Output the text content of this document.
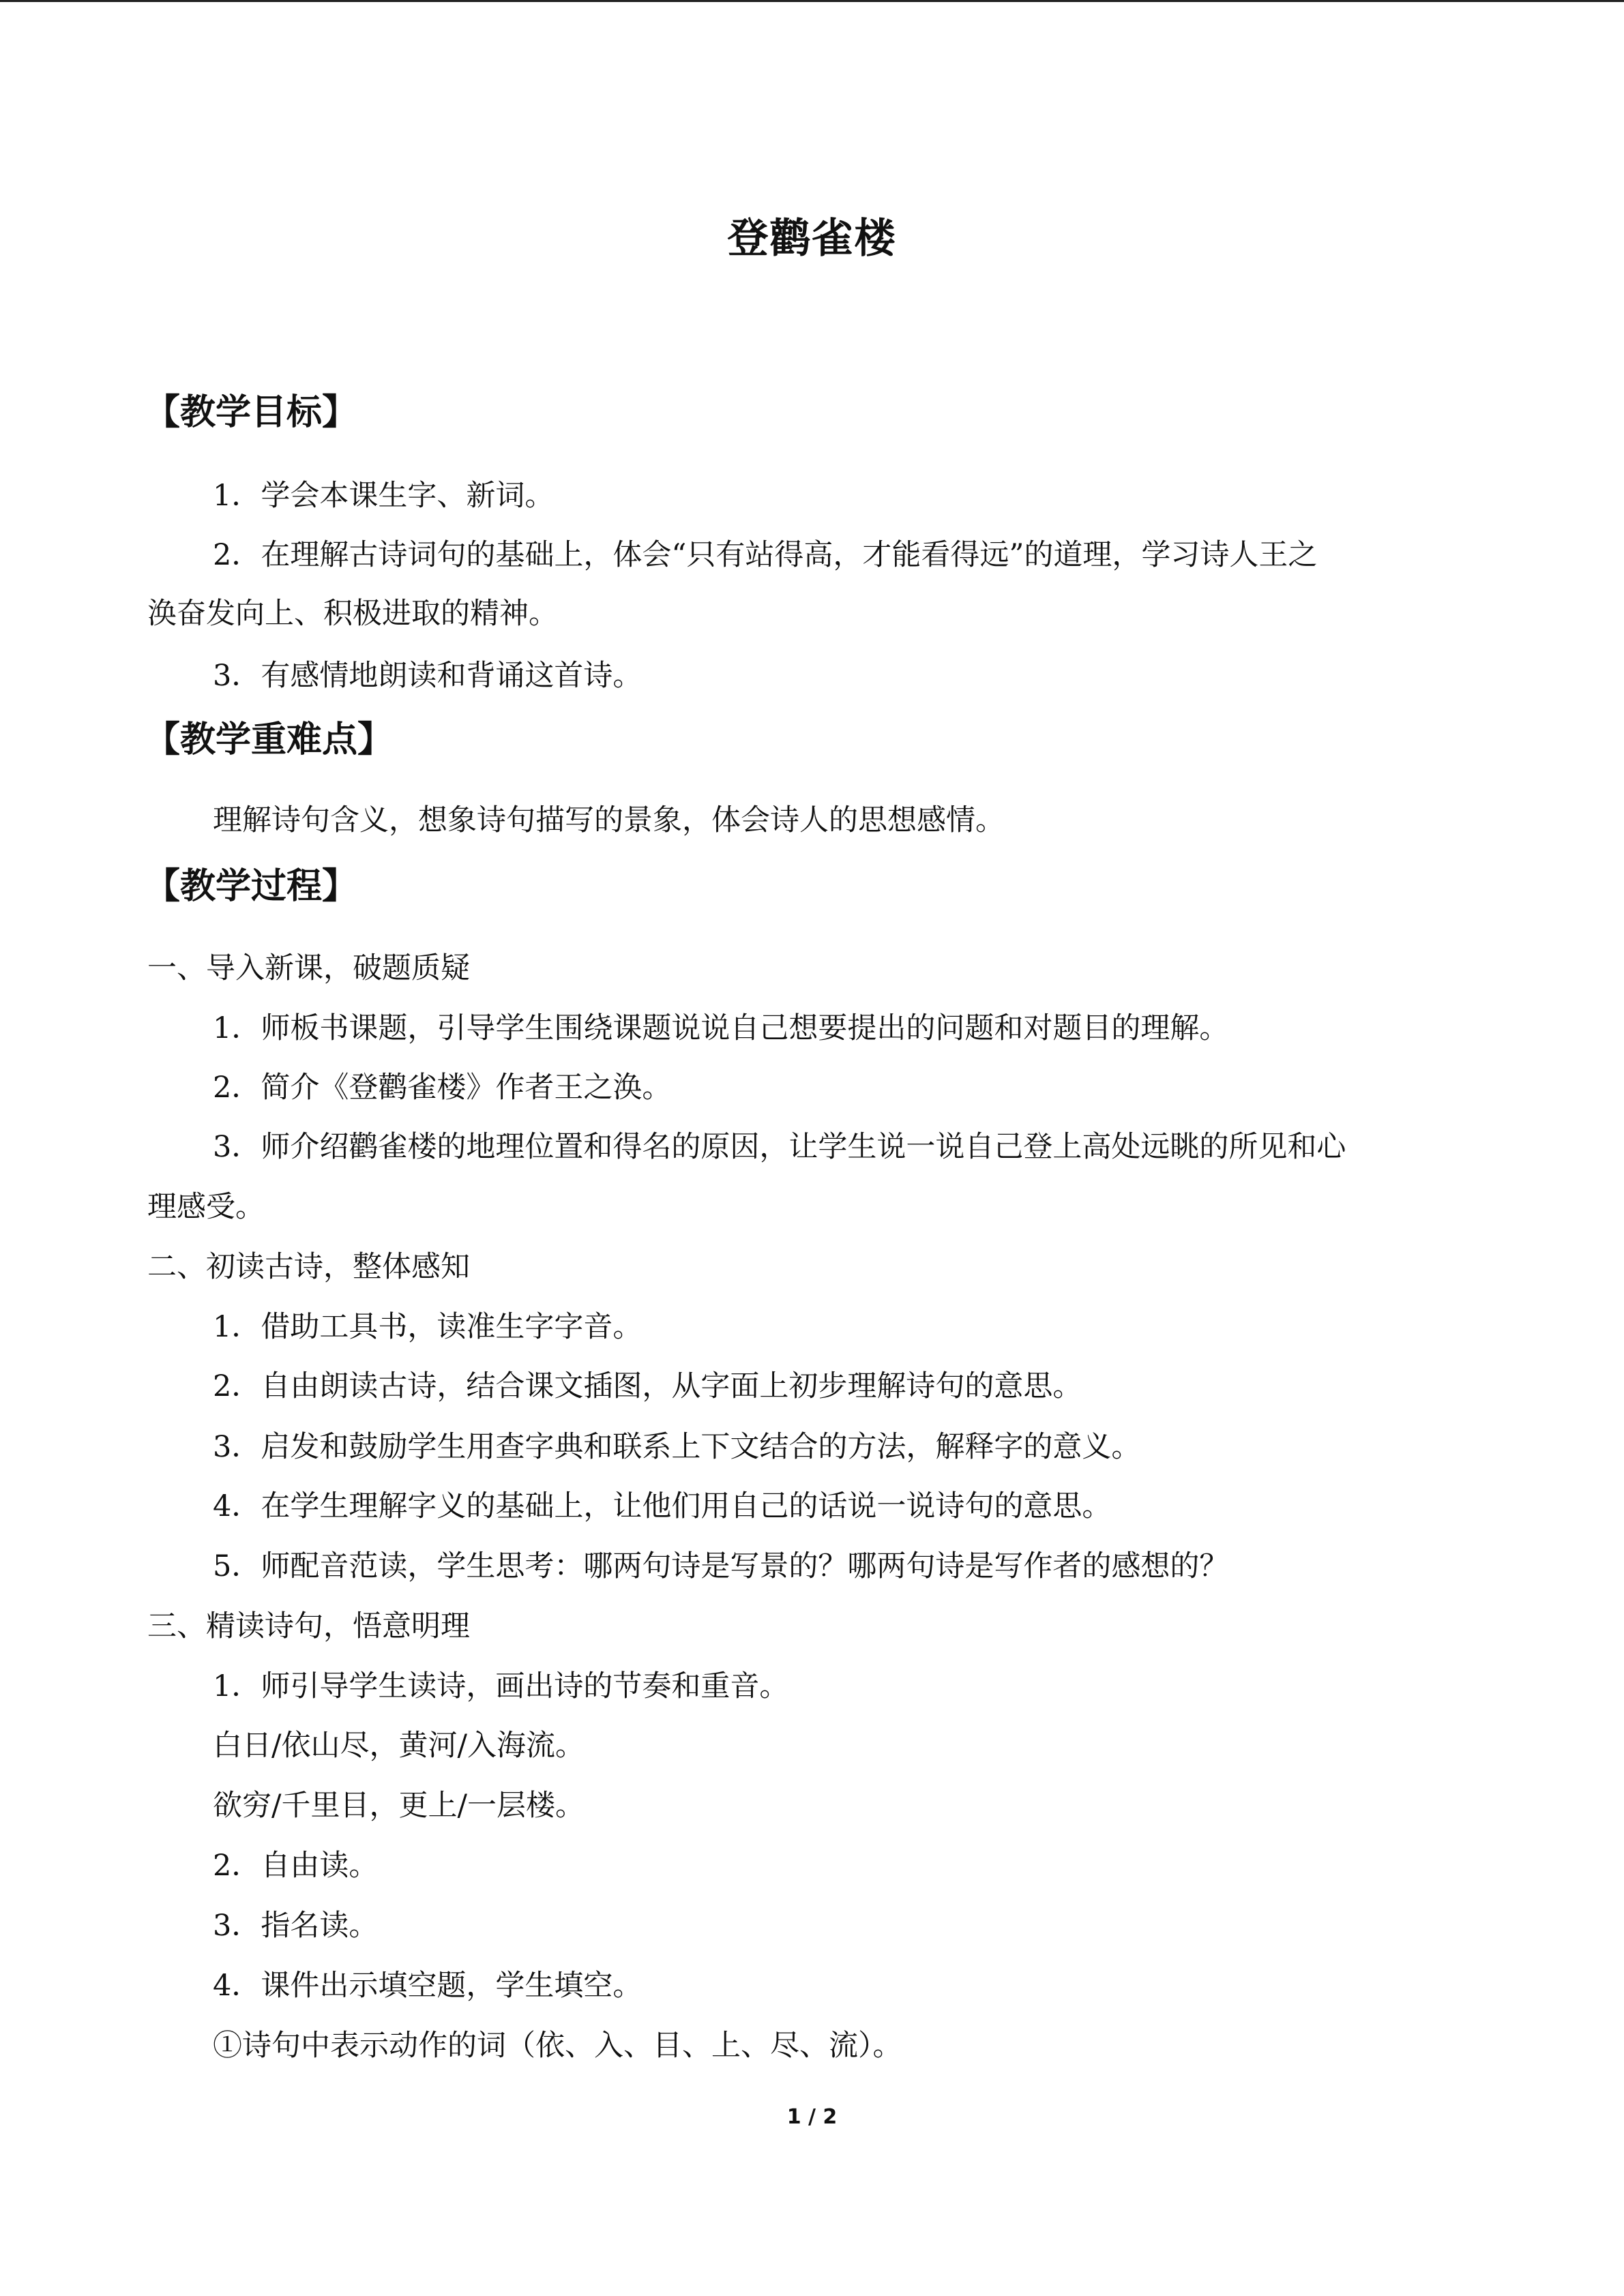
登鹳雀楼
【教学目标】
1．学会本课生字、新词。
2．在理解古诗词句的基础上，体会“只有站得高，才能看得远”的道理，学习诗人王之
涣奋发向上、积极进取的精神。
3．有感情地朗读和背诵这首诗。
【教学重难点】
理解诗句含义，想象诗句描写的景象，体会诗人的思想感情。
【教学过程】
一、导入新课，破题质疑
1．师板书课题，引导学生围绕课题说说自己想要提出的问题和对题目的理解。
2．简介《登鹳雀楼》作者王之涣。
3．师介绍鹳雀楼的地理位置和得名的原因，让学生说一说自己登上高处远眺的所见和心
理感受。
二、初读古诗，整体感知
1．借助工具书，读准生字字音。
2．自由朗读古诗，结合课文插图，从字面上初步理解诗句的意思。
3．启发和鼓励学生用查字典和联系上下文结合的方法，解释字的意义。
4．在学生理解字义的基础上，让他们用自己的话说一说诗句的意思。
5．师配音范读，学生思考：哪两句诗是写景的？哪两句诗是写作者的感想的？
三、精读诗句，悟意明理
1．师引导学生读诗，画出诗的节奏和重音。
白日/依山尽，黄河/入海流。
欲穷/千里目，更上/一层楼。
2．自由读。
3．指名读。
4．课件出示填空题，学生填空。
①诗句中表示动作的词（依、入、目、上、尽、流）。
1 / 2
